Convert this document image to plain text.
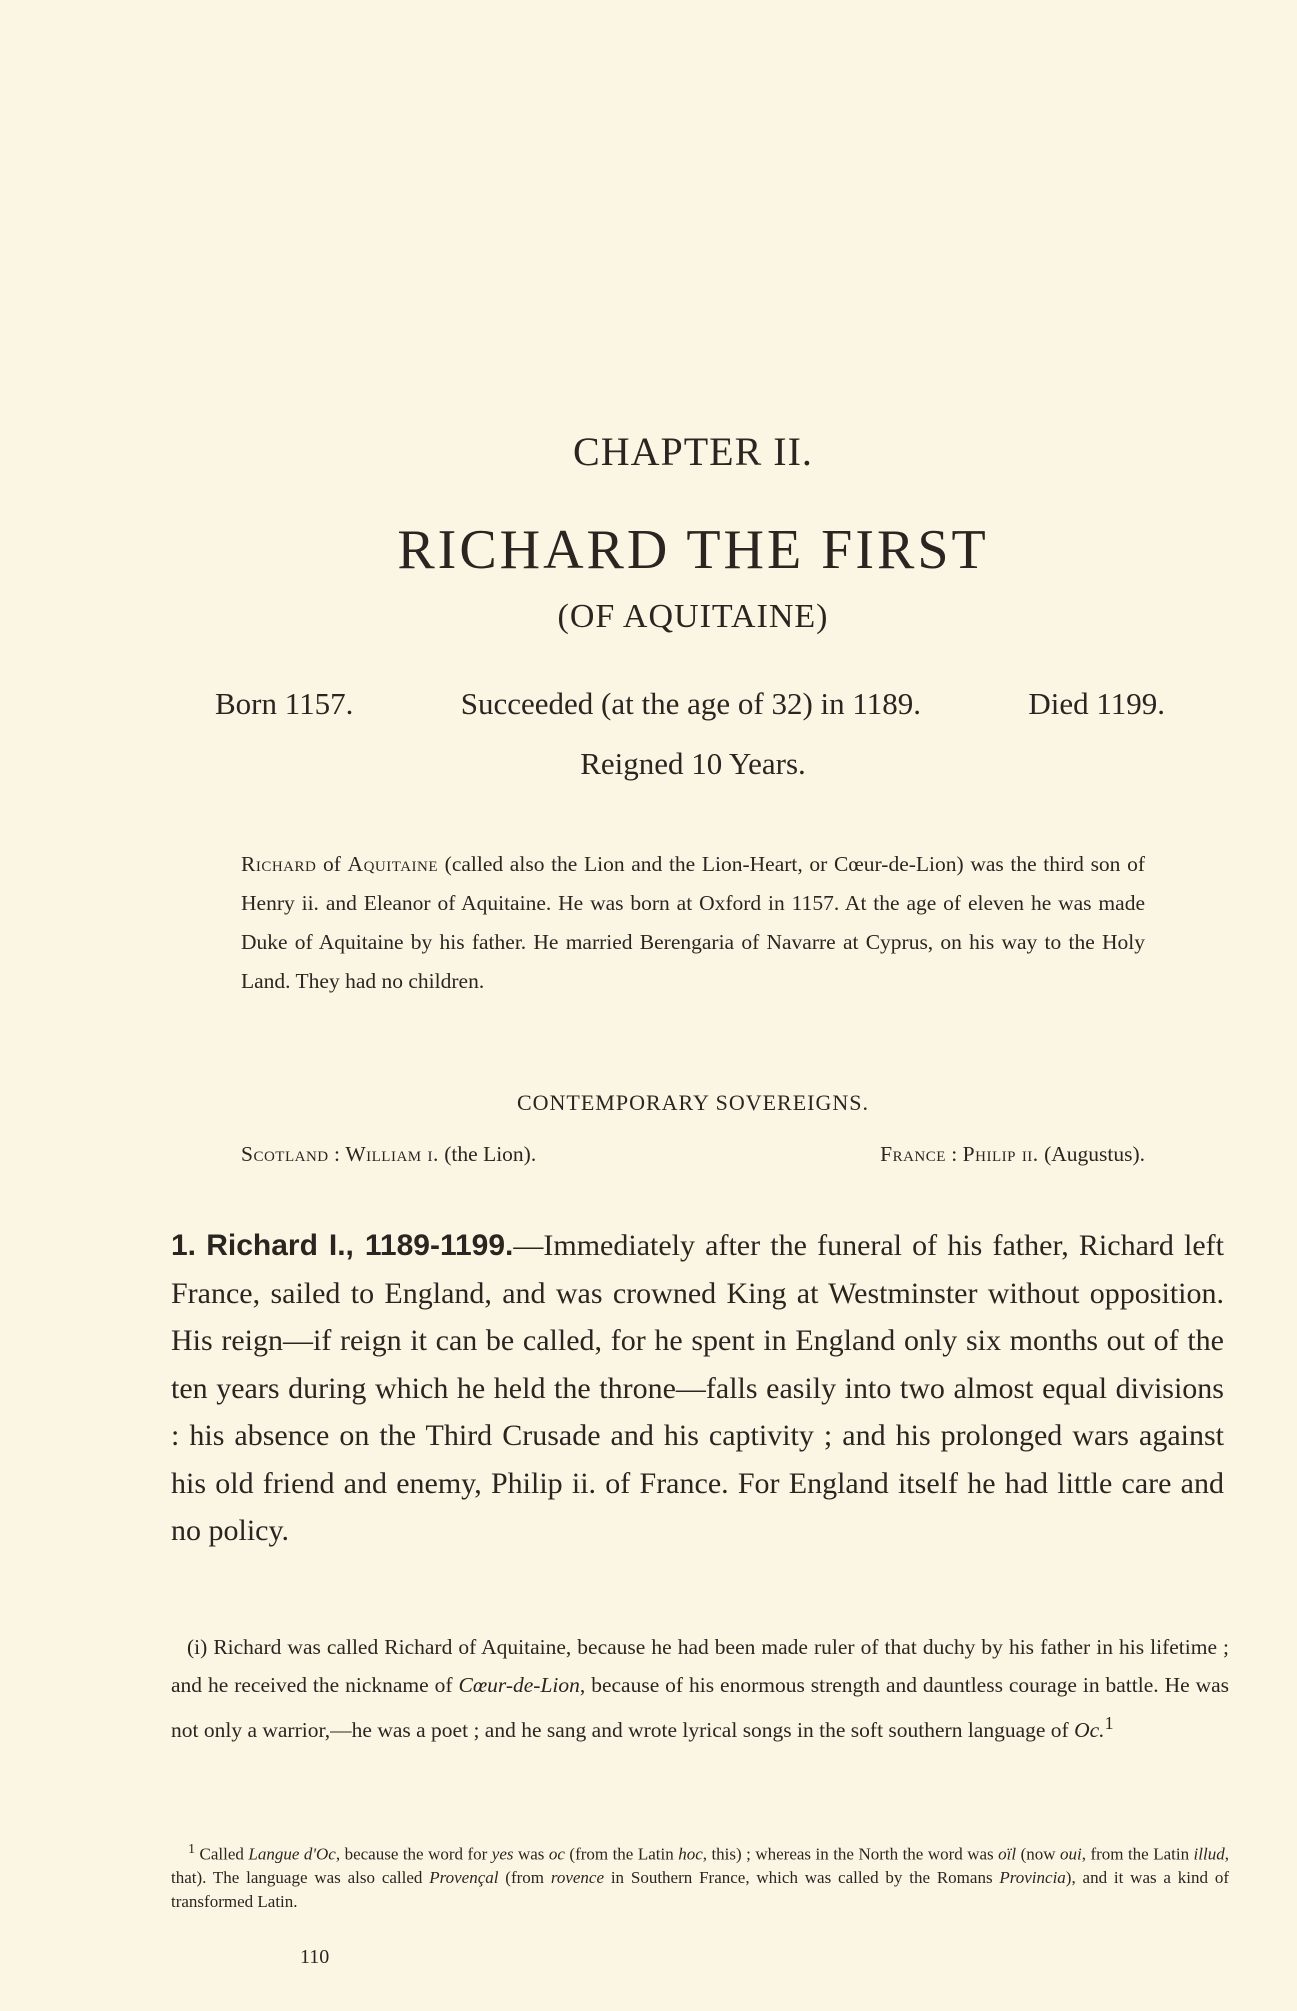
CHAPTER II.
RICHARD THE FIRST
(OF AQUITAINE)
Born 1157.	Succeeded (at the age of 32) in 1189.	Died 1199.
Reigned 10 Years.
Richard of Aquitaine (called also the Lion and the Lion-Heart, or Cœur-de-Lion) was the third son of Henry ii. and Eleanor of Aquitaine. He was born at Oxford in 1157. At the age of eleven he was made Duke of Aquitaine by his father. He married Berengaria of Navarre at Cyprus, on his way to the Holy Land. They had no children.
CONTEMPORARY SOVEREIGNS.
Scotland : William i. (the Lion).	France : Philip ii. (Augustus).
1. Richard I., 1189-1199.—Immediately after the funeral of his father, Richard left France, sailed to England, and was crowned King at Westminster without opposition. His reign—if reign it can be called, for he spent in England only six months out of the ten years during which he held the throne—falls easily into two almost equal divisions : his absence on the Third Crusade and his captivity ; and his prolonged wars against his old friend and enemy, Philip ii. of France. For England itself he had little care and no policy.

(i) Richard was called Richard of Aquitaine, because he had been made ruler of that duchy by his father in his lifetime ; and he received the nickname of Cœur-de-Lion, because of his enormous strength and dauntless courage in battle. He was not only a warrior,—he was a poet ; and he sang and wrote lyrical songs in the soft southern language of Oc.$^1$

$^1$ Called Langue d'Oc, because the word for yes was oc (from the Latin hoc, this) ; whereas in the North the word was oïl (now oui, from the Latin illud, that). The language was also called Provençal (from rovence in Southern France, which was called by the Romans Provincia), and it was a kind of transformed Latin.

110
